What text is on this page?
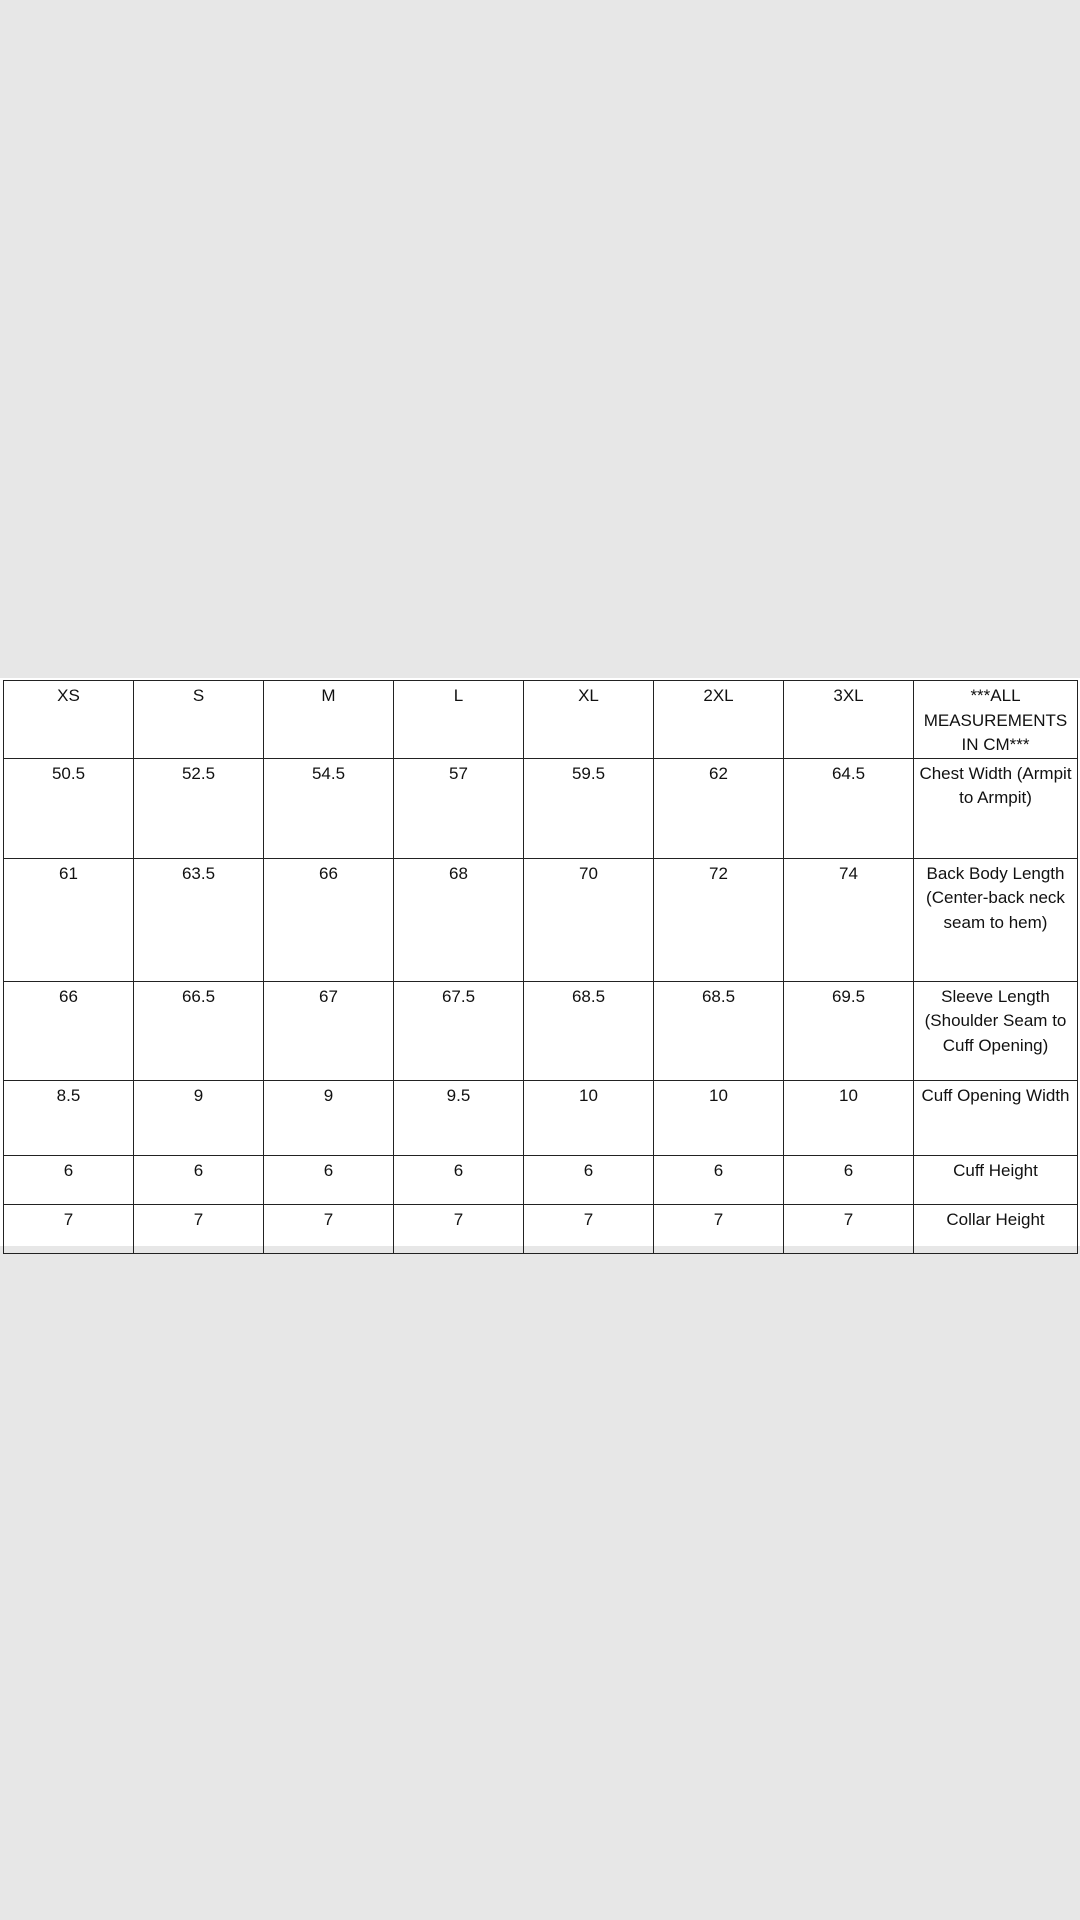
XS	S	M	L	XL	2XL	3XL	***ALL MEASUREMENTS IN CM***
50.5	52.5	54.5	57	59.5	62	64.5	Chest Width (Armpit to Armpit)
61	63.5	66	68	70	72	74	Back Body Length (Center-back neck seam to hem)
66	66.5	67	67.5	68.5	68.5	69.5	Sleeve Length (Shoulder Seam to Cuff Opening)
8.5	9	9	9.5	10	10	10	Cuff Opening Width
6	6	6	6	6	6	6	Cuff Height
7	7	7	7	7	7	7	Collar Height
